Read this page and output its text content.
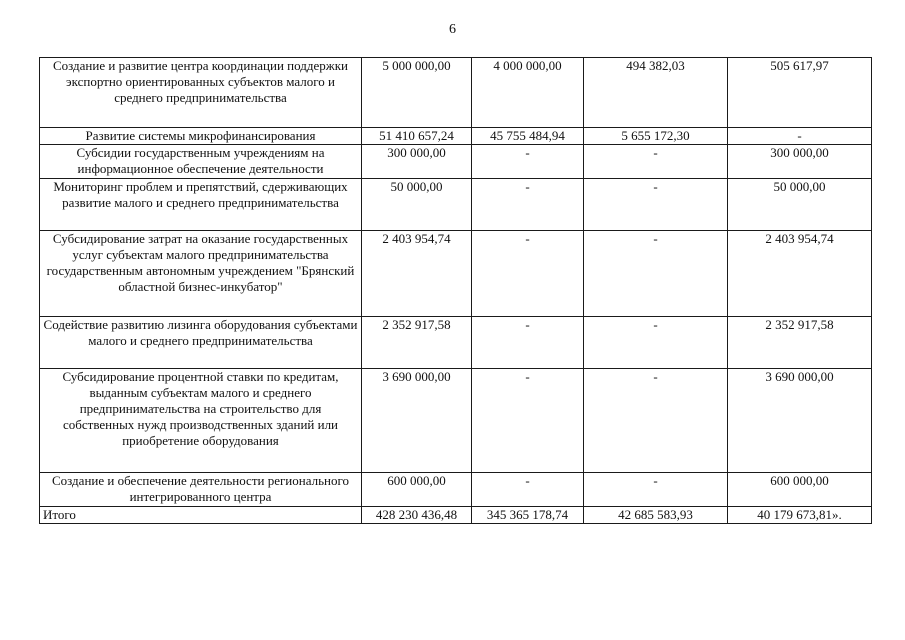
6
Создание и развитие центра координации поддержки экспортно ориентированных субъектов малого и среднего предпринимательства	5 000 000,00	4 000 000,00	494 382,03	505 617,97
Развитие системы микрофинансирования	51 410 657,24	45 755 484,94	5 655 172,30	-
Субсидии государственным учреждениям на информационное обеспечение деятельности	300 000,00	-	-	300 000,00
Мониторинг проблем и препятствий, сдерживающих развитие малого и среднего предпринимательства	50 000,00	-	-	50 000,00
Субсидирование затрат на оказание государственных услуг субъектам малого предпринимательства государственным автономным учреждением "Брянский областной бизнес-инкубатор"	2 403 954,74	-	-	2 403 954,74
Содействие развитию лизинга оборудования субъектами малого и среднего предпринимательства	2 352 917,58	-	-	2 352 917,58
Субсидирование процентной ставки по кредитам, выданным субъектам малого и среднего предпринимательства на строительство для собственных нужд производственных зданий или приобретение оборудования	3 690 000,00	-	-	3 690 000,00
Создание и обеспечение деятельности регионального интегрированного центра	600 000,00	-	-	600 000,00
Итого	428 230 436,48	345 365 178,74	42 685 583,93	40 179 673,81».
